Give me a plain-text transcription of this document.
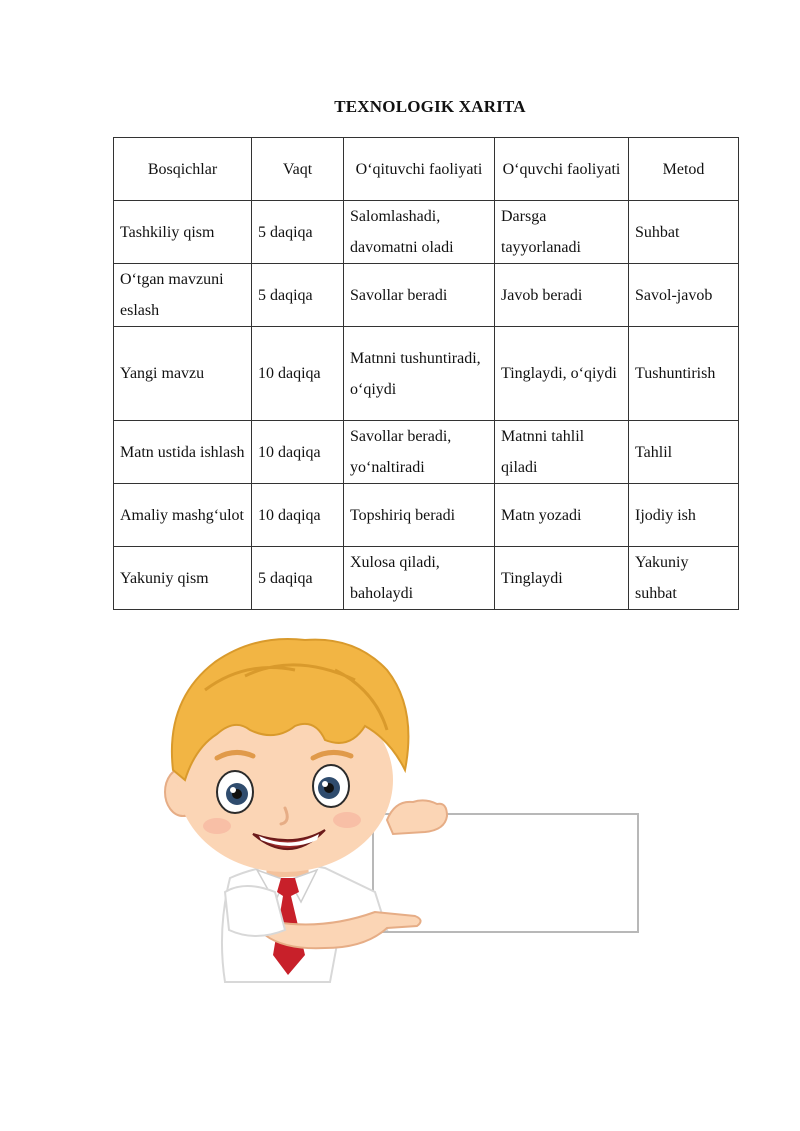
TEXNOLOGIK XARITA
Bosqichlar	Vaqt	O‘qituvchi faoliyati	O‘quvchi faoliyati	Metod
Tashkiliy qism	5 daqiqa	Salomlashadi, davomatni oladi	Darsga tayyorlanadi	Suhbat
O‘tgan mavzuni eslash	5 daqiqa	Savollar beradi	Javob beradi	Savol-javob
Yangi mavzu	10 daqiqa	Matnni tushuntiradi, o‘qiydi	Tinglaydi, o‘qiydi	Tushuntirish
Matn ustida ishlash	10 daqiqa	Savollar beradi, yo‘naltiradi	Matnni tahlil qiladi	Tahlil
Amaliy mashg‘ulot	10 daqiqa	Topshiriq beradi	Matn yozadi	Ijodiy ish
Yakuniy qism	5 daqiqa	Xulosa qiladi, baholaydi	Tinglaydi	Yakuniy suhbat
